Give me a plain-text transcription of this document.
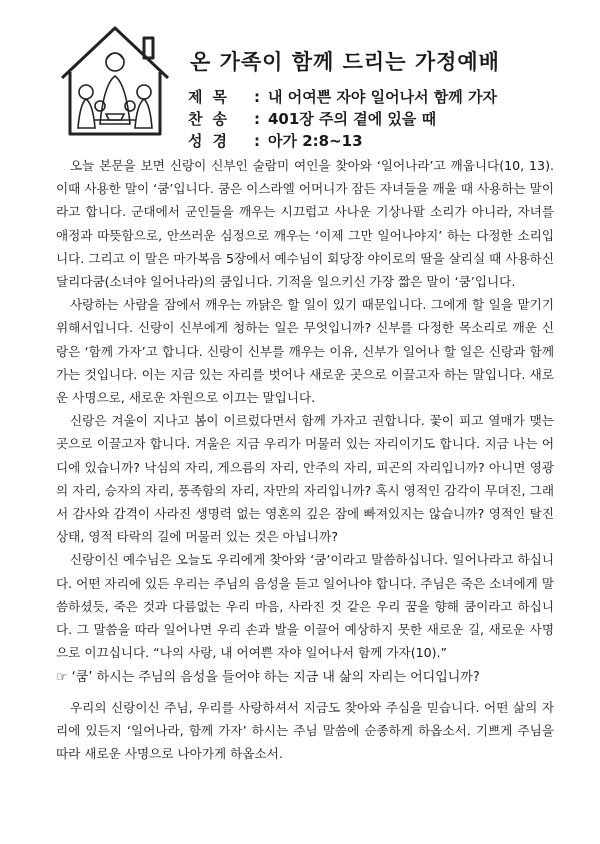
온 가족이 함께 드리는 가정예배
제목	: 내 어여쁜 자야 일어나서 함께 가자
찬송	: 401장 주의 곁에 있을 때
성경	: 아가 2:8~13

오늘 본문을 보면 신랑이 신부인 술람미 여인을 찾아와 ‘일어나라’고 깨웁니다(10, 13). 이때 사용한 말이 ‘쿰’입니다. 쿰은 이스라엘 어머니가 잠든 자녀들을 깨울 때 사용하는 말이라고 합니다. 군대에서 군인들을 깨우는 시끄럽고 사나운 기상나팔 소리가 아니라, 자녀를 애정과 따뜻함으로, 안쓰러운 심정으로 깨우는 ‘이제 그만 일어나야지’ 하는 다정한 소리입니다. 그리고 이 말은 마가복음 5장에서 예수님이 회당장 야이로의 딸을 살리실 때 사용하신 달리다쿰(소녀야 일어나라)의 쿰입니다. 기적을 일으키신 가장 짧은 말이 ‘쿰’입니다.

사랑하는 사람을 잠에서 깨우는 까닭은 할 일이 있기 때문입니다. 그에게 할 일을 맡기기 위해서입니다. 신랑이 신부에게 청하는 일은 무엇입니까? 신부를 다정한 목소리로 깨운 신랑은 ‘함께 가자’고 합니다. 신랑이 신부를 깨우는 이유, 신부가 일어나 할 일은 신랑과 함께 가는 것입니다. 이는 지금 있는 자리를 벗어나 새로운 곳으로 이끌고자 하는 말입니다. 새로운 사명으로, 새로운 차원으로 이끄는 말입니다.

신랑은 겨울이 지나고 봄이 이르렀다면서 함께 가자고 권합니다. 꽃이 피고 열매가 맺는 곳으로 이끌고자 합니다. 겨울은 지금 우리가 머물러 있는 자리이기도 합니다. 지금 나는 어디에 있습니까? 낙심의 자리, 게으름의 자리, 안주의 자리, 피곤의 자리입니까? 아니면 영광의 자리, 승자의 자리, 풍족함의 자리, 자만의 자리입니까? 혹시 영적인 감각이 무뎌진, 그래서 감사와 감격이 사라진 생명력 없는 영혼의 깊은 잠에 빠져있지는 않습니까? 영적인 탈진상태, 영적 타락의 길에 머물러 있는 것은 아닙니까?

신랑이신 예수님은 오늘도 우리에게 찾아와 ‘쿰’이라고 말씀하십니다. 일어나라고 하십니다. 어떤 자리에 있든 우리는 주님의 음성을 듣고 일어나야 합니다. 주님은 죽은 소녀에게 말씀하셨듯, 죽은 것과 다름없는 우리 마음, 사라진 것 같은 우리 꿈을 향해 쿰이라고 하십니다. 그 말씀을 따라 일어나면 우리 손과 발을 이끌어 예상하지 못한 새로운 길, 새로운 사명으로 이끄십니다. “나의 사랑, 내 어여쁜 자야 일어나서 함께 가자(10).”

☞ ‘쿰’ 하시는 주님의 음성을 들어야 하는 지금 내 삶의 자리는 어디입니까?

우리의 신랑이신 주님, 우리를 사랑하셔서 지금도 찾아와 주심을 믿습니다. 어떤 삶의 자리에 있든지 ‘일어나라, 함께 가자’ 하시는 주님 말씀에 순종하게 하옵소서. 기쁘게 주님을 따라 새로운 사명으로 나아가게 하옵소서.
